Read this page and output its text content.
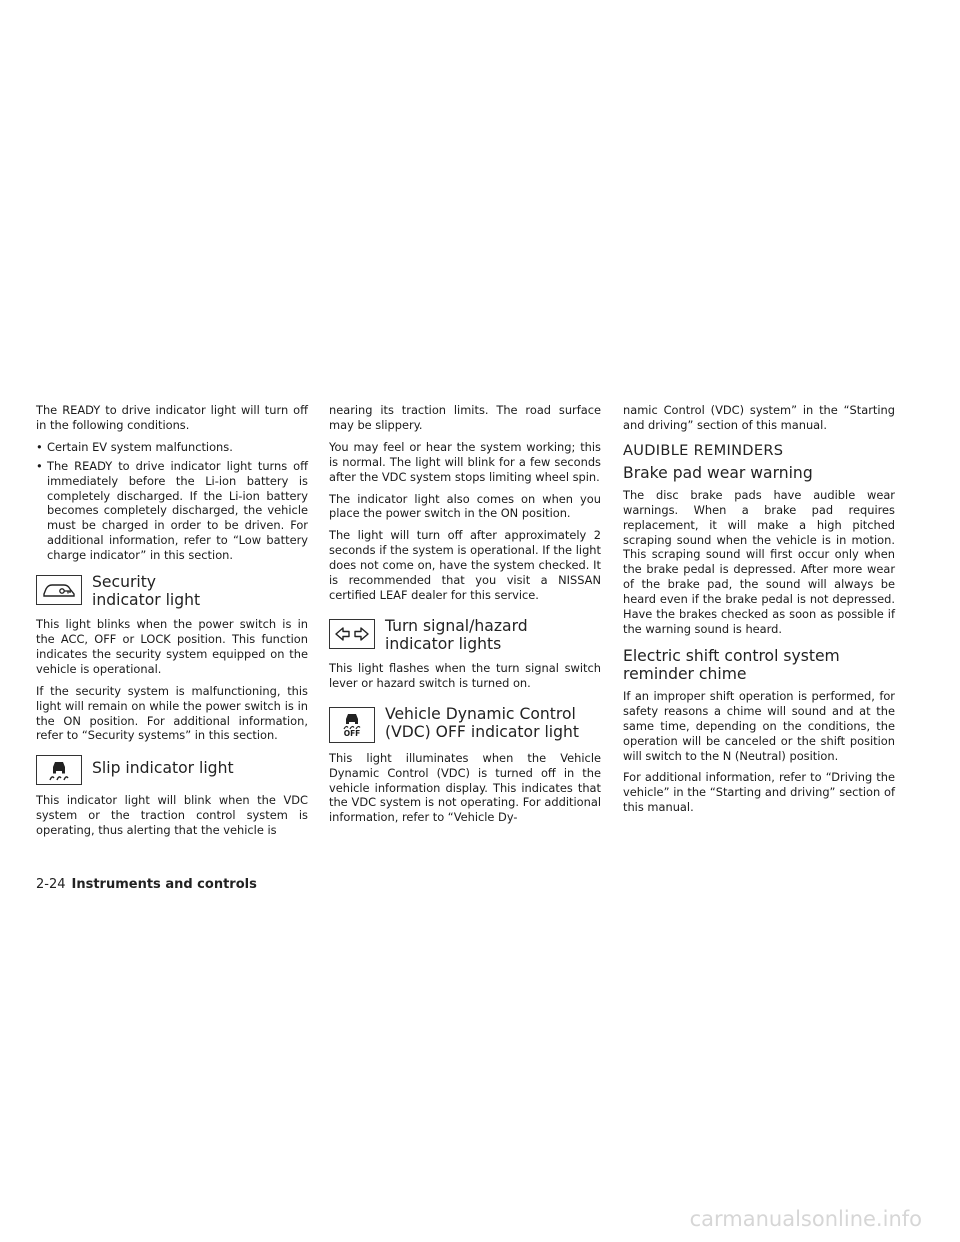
The READY to drive indicator light will turn off in the following conditions.

• Certain EV system malfunctions.
• The READY to drive indicator light turns off immediately before the Li-ion battery is completely discharged. If the Li-ion battery becomes completely discharged, the vehicle must be charged in order to be driven. For additional information, refer to “Low battery charge indicator” in this section.
Security
indicator light

This light blinks when the power switch is in the ACC, OFF or LOCK position. This function indicates the security system equipped on the vehicle is operational.

If the security system is malfunctioning, this light will remain on while the power switch is in the ON position. For additional information, refer to “Security systems” in this section.

Slip indicator light

This indicator light will blink when the VDC system or the traction control system is operating, thus alerting that the vehicle is

nearing its traction limits. The road surface may be slippery.

You may feel or hear the system working; this is normal. The light will blink for a few seconds after the VDC system stops limiting wheel spin.

The indicator light also comes on when you place the power switch in the ON position.

The light will turn off after approximately 2 seconds if the system is operational. If the light does not come on, have the system checked. It is recommended that you visit a NISSAN certified LEAF dealer for this service.

Turn signal/hazard
indicator lights

This light flashes when the turn signal switch lever or hazard switch is turned on.

OFF
Vehicle Dynamic Control
(VDC) OFF indicator light

This light illuminates when the Vehicle Dynamic Control (VDC) is turned off in the vehicle information display. This indicates that the VDC system is not operating. For additional information, refer to “Vehicle Dy-

namic Control (VDC) system” in the “Starting and driving” section of this manual.

AUDIBLE REMINDERS
Brake pad wear warning

The disc brake pads have audible wear warnings. When a brake pad requires replacement, it will make a high pitched scraping sound when the vehicle is in motion. This scraping sound will first occur only when the brake pedal is depressed. After more wear of the brake pad, the sound will always be heard even if the brake pedal is not depressed. Have the brakes checked as soon as possible if the warning sound is heard.

Electric shift control system
reminder chime

If an improper shift operation is performed, for safety reasons a chime will sound and at the same time, depending on the conditions, the operation will be canceled or the shift position will switch to the N (Neutral) position.

For additional information, refer to “Driving the vehicle” in the “Starting and driving” section of this manual.

2-24 Instruments and controls
carmanualsonline.info
